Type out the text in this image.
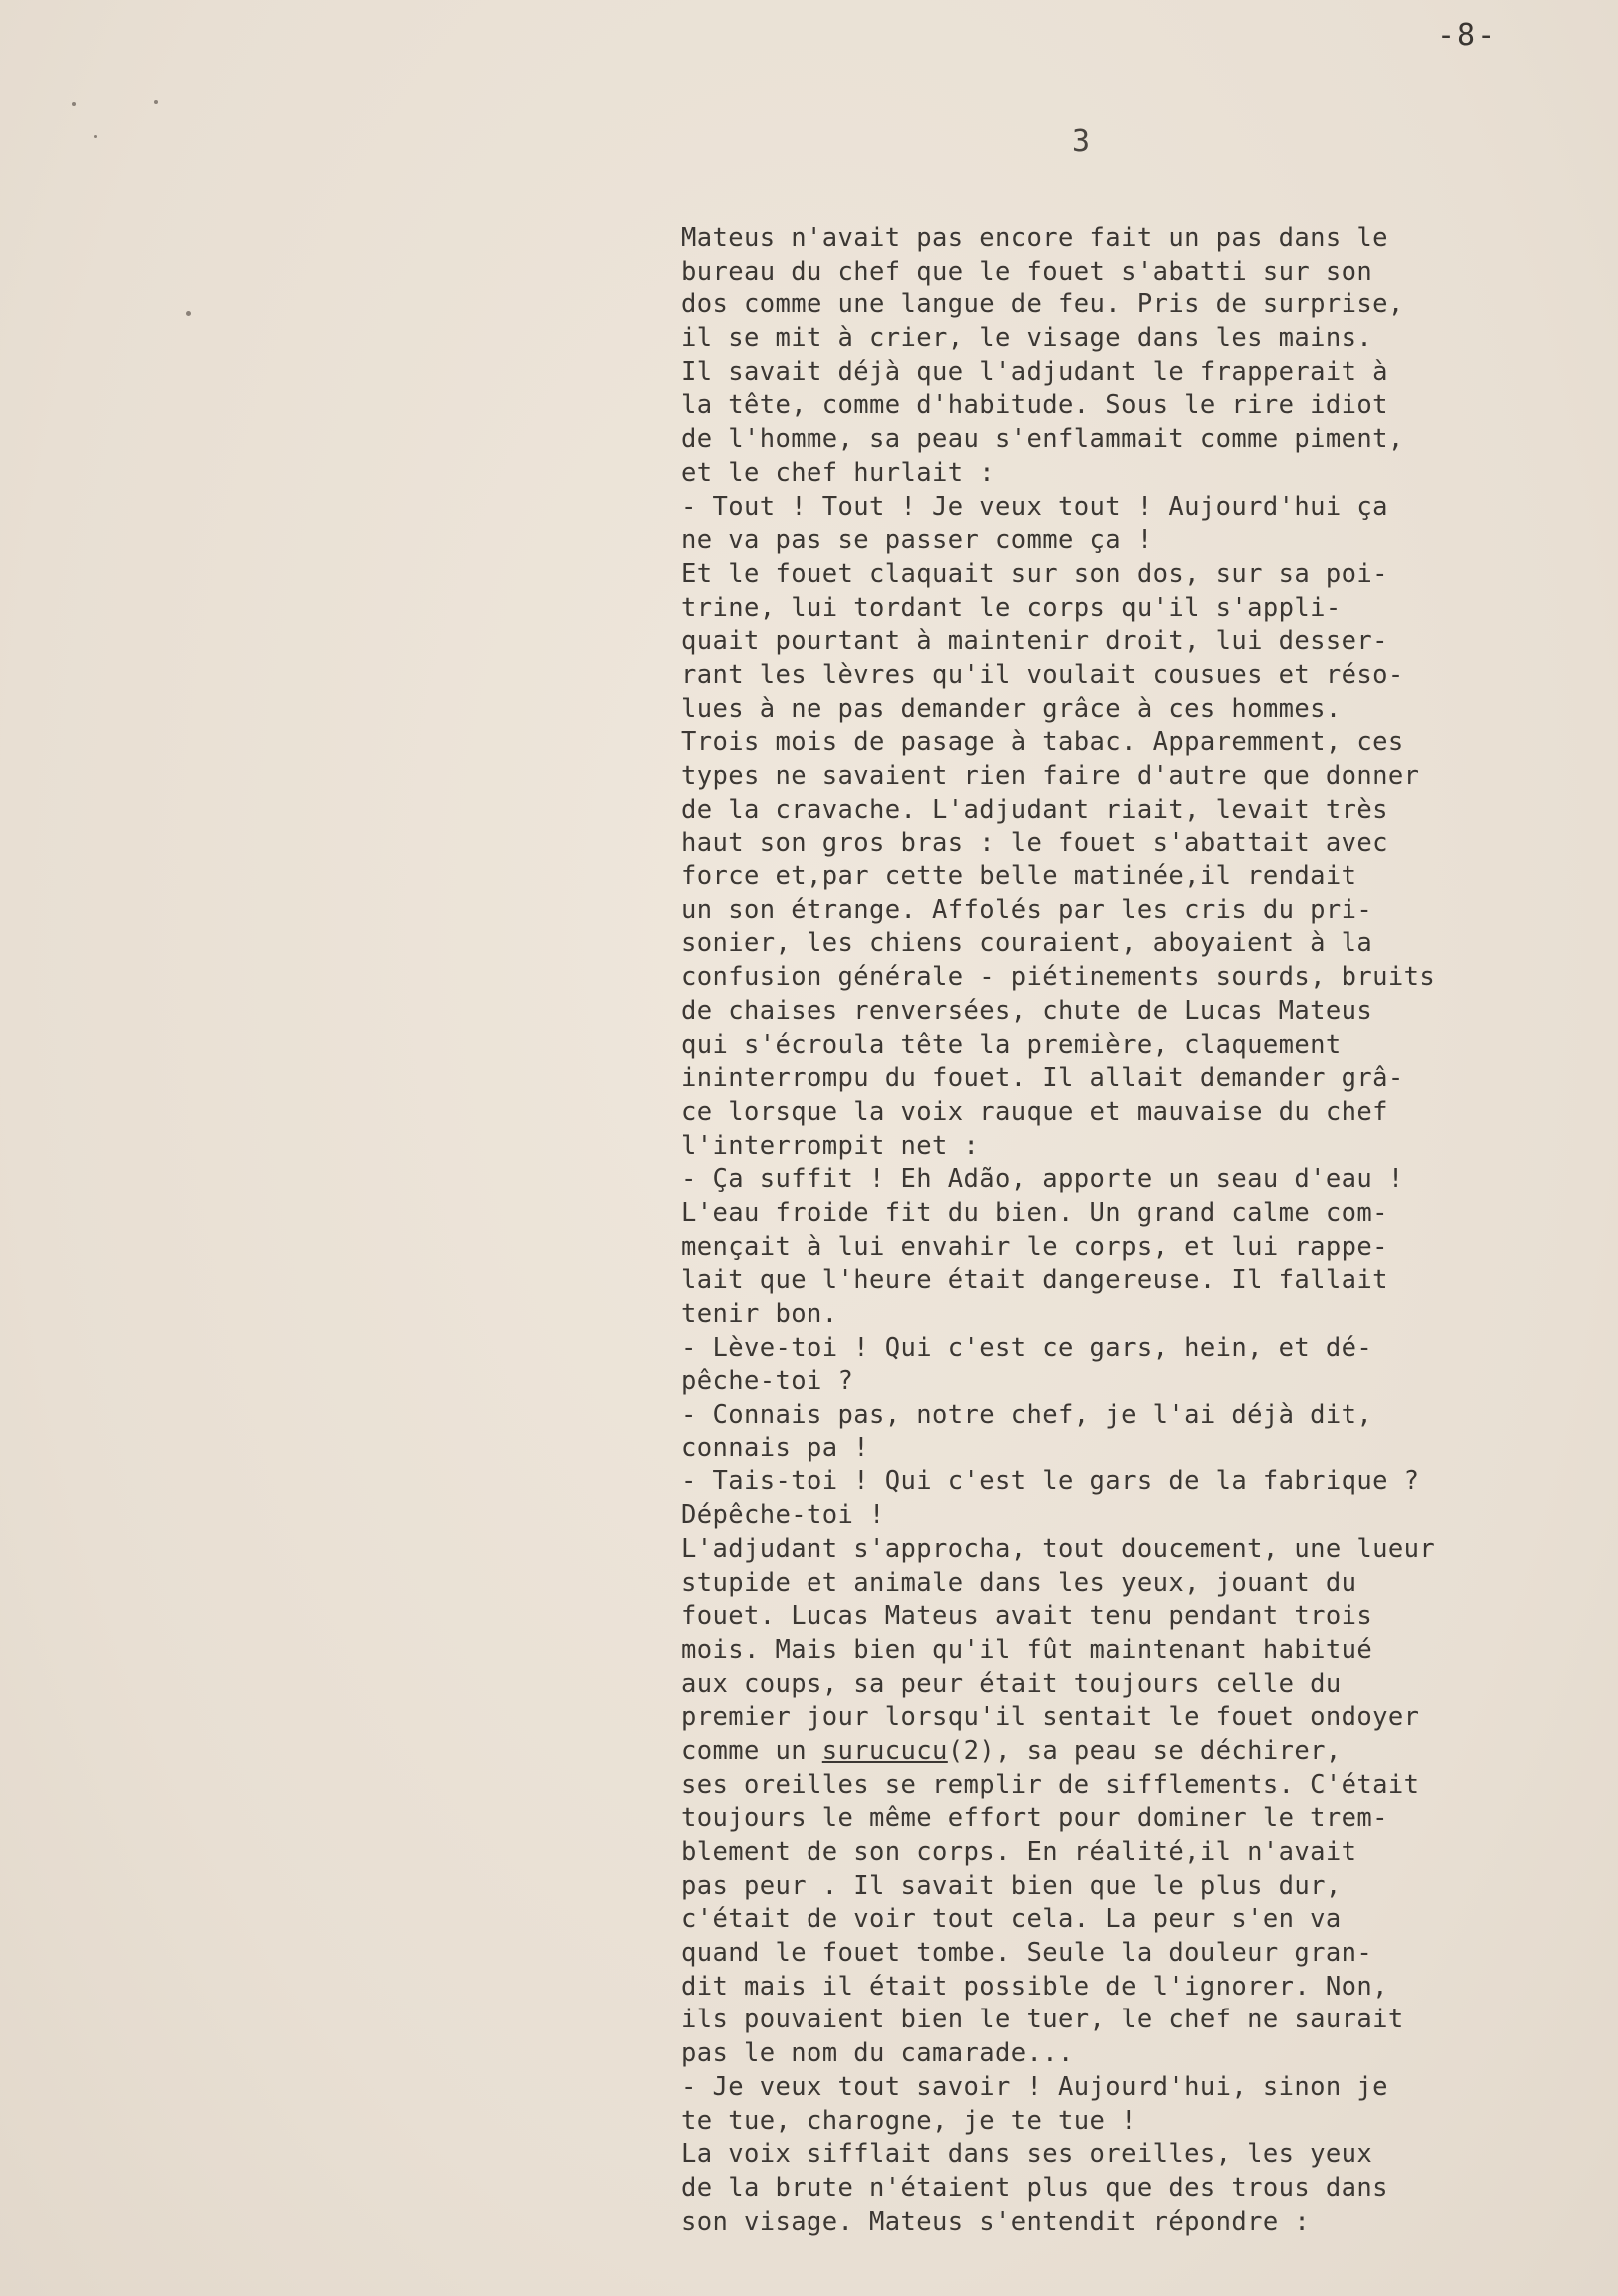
-8-
3
Mateus n'avait pas encore fait un pas dans le
bureau du chef que le fouet s'abatti sur son
dos comme une langue de feu. Pris de surprise,
il se mit à crier, le visage dans les mains.
Il savait déjà que l'adjudant le frapperait à
la tête, comme d'habitude. Sous le rire idiot
de l'homme, sa peau s'enflammait comme piment,
et le chef hurlait :
- Tout ! Tout ! Je veux tout ! Aujourd'hui ça
ne va pas se passer comme ça !
Et le fouet claquait sur son dos, sur sa poi-
trine, lui tordant le corps qu'il s'appli-
quait pourtant à maintenir droit, lui desser-
rant les lèvres qu'il voulait cousues et réso-
lues à ne pas demander grâce à ces hommes.
Trois mois de pasage à tabac. Apparemment, ces
types ne savaient rien faire d'autre que donner
de la cravache. L'adjudant riait, levait très
haut son gros bras : le fouet s'abattait avec
force et,par cette belle matinée,il rendait
un son étrange. Affolés par les cris du pri-
sonier, les chiens couraient, aboyaient à la
confusion générale - piétinements sourds, bruits
de chaises renversées, chute de Lucas Mateus
qui s'écroula tête la première, claquement
ininterrompu du fouet. Il allait demander grâ-
ce lorsque la voix rauque et mauvaise du chef
l'interrompit net :
- Ça suffit ! Eh Adão, apporte un seau d'eau !
L'eau froide fit du bien. Un grand calme com-
mençait à lui envahir le corps, et lui rappe-
lait que l'heure était dangereuse. Il fallait
tenir bon.
- Lève-toi ! Qui c'est ce gars, hein, et dé-
pêche-toi ?
- Connais pas, notre chef, je l'ai déjà dit,
connais pa !
- Tais-toi ! Qui c'est le gars de la fabrique ?
Dépêche-toi !
L'adjudant s'approcha, tout doucement, une lueur
stupide et animale dans les yeux, jouant du
fouet. Lucas Mateus avait tenu pendant trois
mois. Mais bien qu'il fût maintenant habitué
aux coups, sa peur était toujours celle du
premier jour lorsqu'il sentait le fouet ondoyer
comme un surucucu(2), sa peau se déchirer,
ses oreilles se remplir de sifflements. C'était
toujours le même effort pour dominer le trem-
blement de son corps. En réalité,il n'avait
pas peur . Il savait bien que le plus dur,
c'était de voir tout cela. La peur s'en va
quand le fouet tombe. Seule la douleur gran-
dit mais il était possible de l'ignorer. Non,
ils pouvaient bien le tuer, le chef ne saurait
pas le nom du camarade...
- Je veux tout savoir ! Aujourd'hui, sinon je
te tue, charogne, je te tue !
La voix sifflait dans ses oreilles, les yeux
de la brute n'étaient plus que des trous dans
son visage. Mateus s'entendit répondre :
